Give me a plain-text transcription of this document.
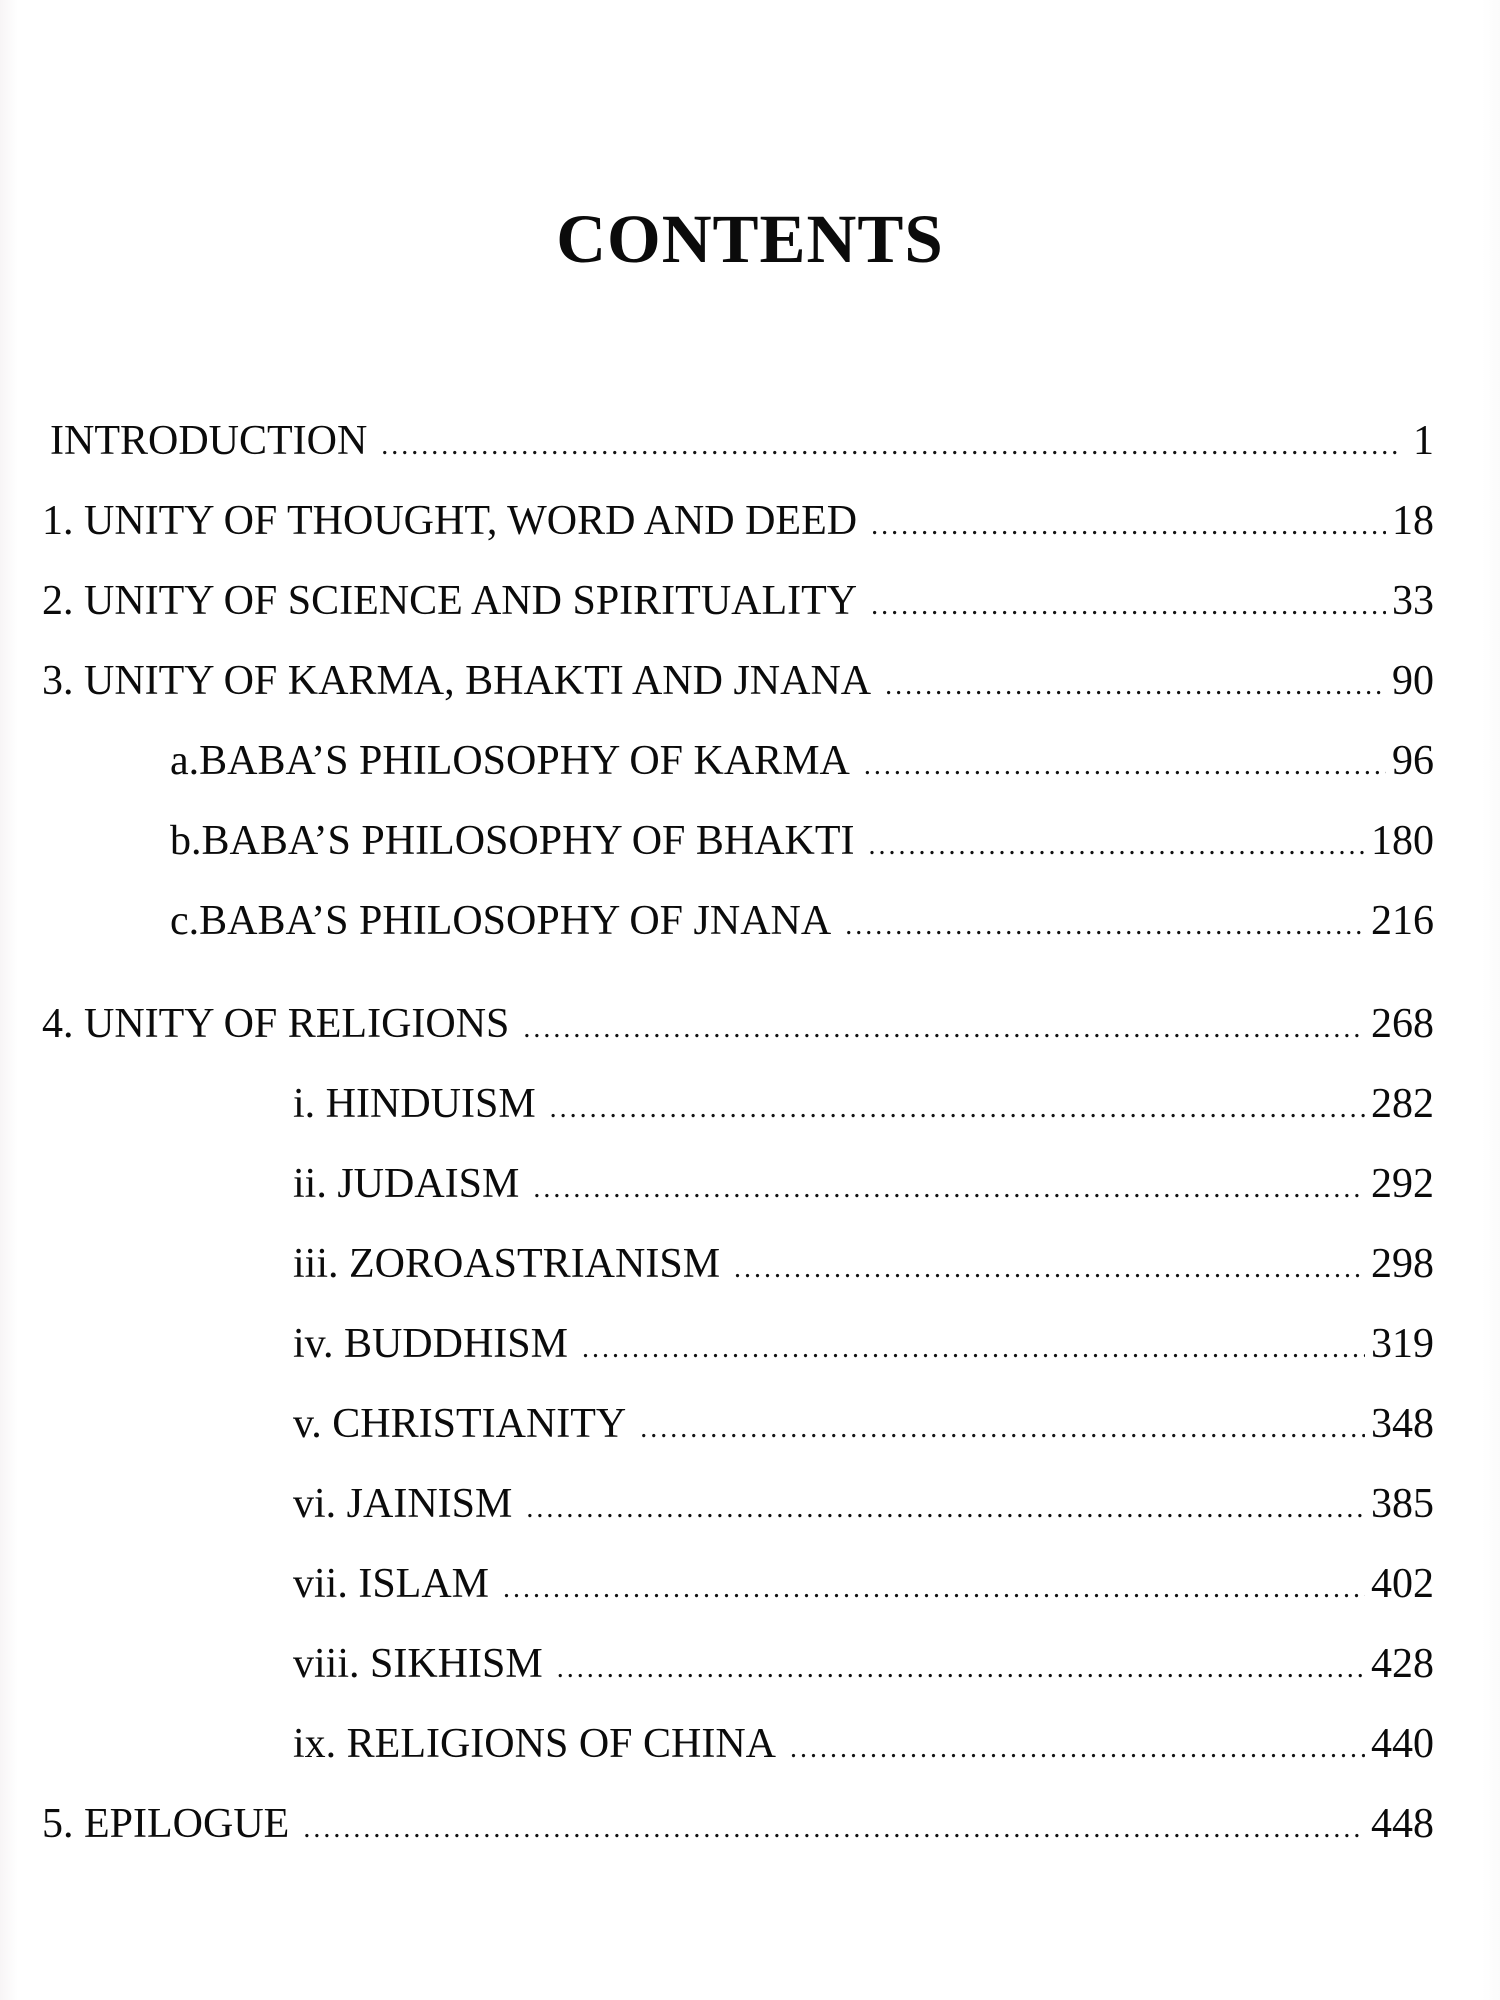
CONTENTS
INTRODUCTION .....	1
1. UNITY OF THOUGHT, WORD AND DEED .....	18
2. UNITY OF SCIENCE AND SPIRITUALITY .....	33
3. UNITY OF KARMA, BHAKTI AND JNANA .....	90
a.BABA’S PHILOSOPHY OF KARMA .....	96
b.BABA’S PHILOSOPHY OF BHAKTI .....	180
c.BABA’S PHILOSOPHY OF JNANA .....	216
4. UNITY OF RELIGIONS .....	268
i. HINDUISM .....	282
ii. JUDAISM .....	292
iii. ZOROASTRIANISM .....	298
iv. BUDDHISM .....	319
v. CHRISTIANITY .....	348
vi. JAINISM .....	385
vii. ISLAM .....	402
viii. SIKHISM .....	428
ix. RELIGIONS OF CHINA .....	440
5. EPILOGUE .....	448
